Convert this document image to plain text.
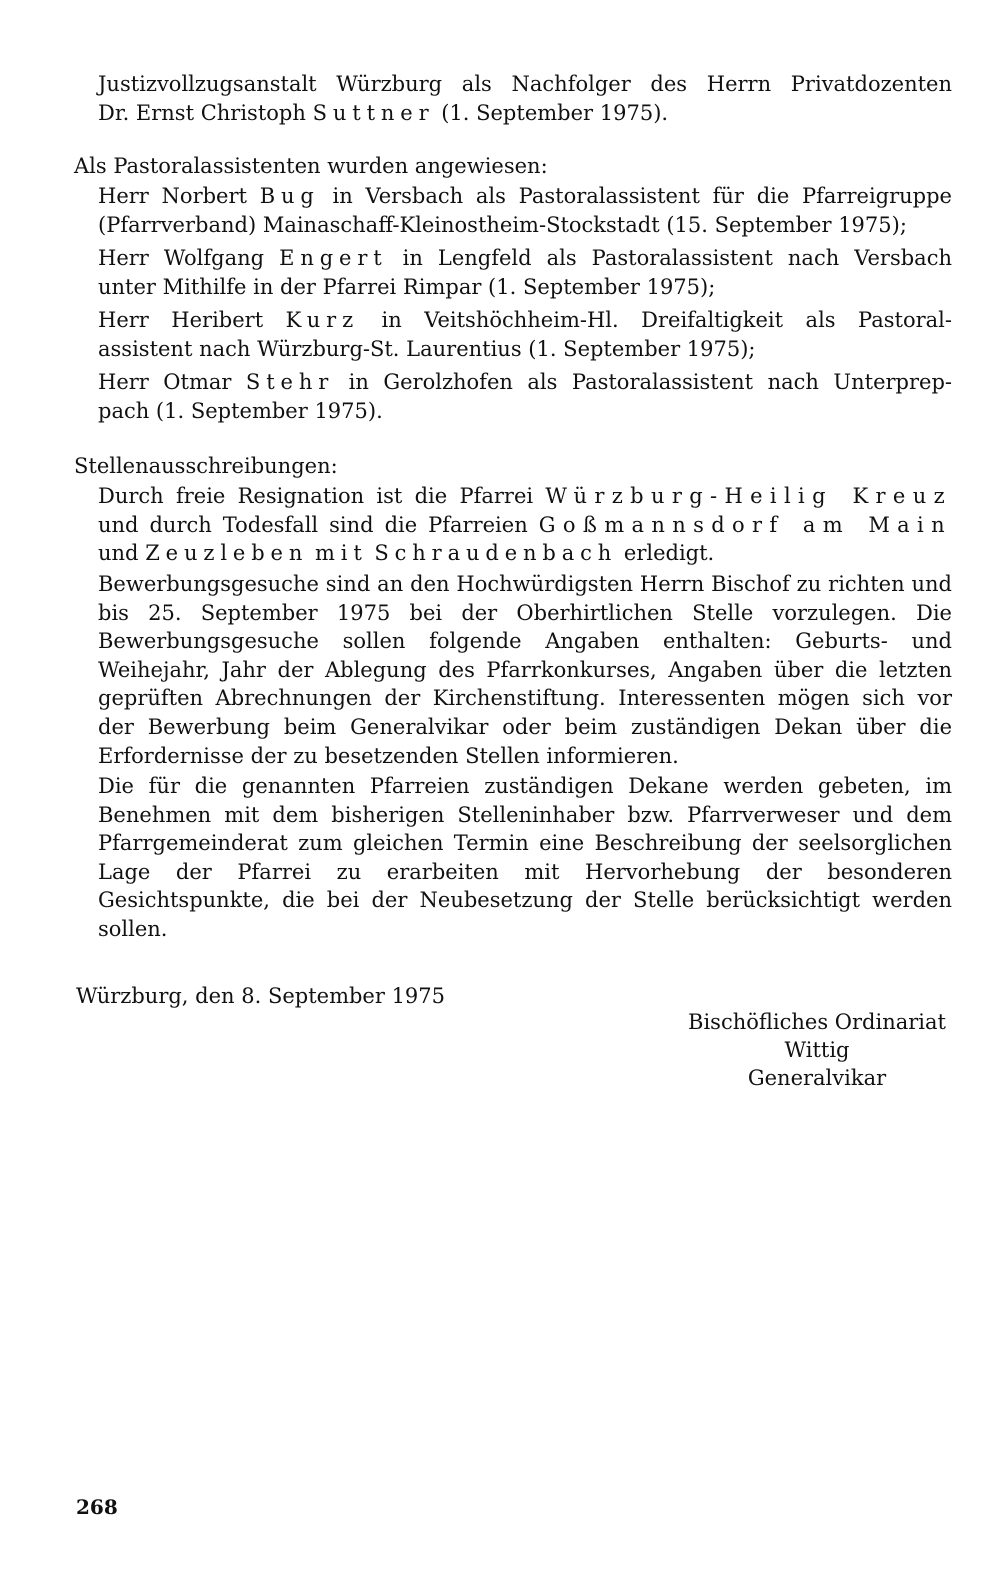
Justizvollzugsanstalt Würzburg als Nachfolger des Herrn Privatdozenten
Dr. Ernst Christoph Suttner (1. September 1975).
Als Pastoralassistenten wurden angewiesen:
Herr Norbert Bug in Versbach als Pastoralassistent für die Pfarreigruppe
(Pfarrverband) Mainaschaff-Kleinostheim-Stockstadt (15. September 1975);
Herr Wolfgang Engert in Lengfeld als Pastoralassistent nach Versbach
unter Mithilfe in der Pfarrei Rimpar (1. September 1975);
Herr Heribert Kurz in Veitshöchheim-Hl. Dreifaltigkeit als Pastoral-
assistent nach Würzburg-St. Laurentius (1. September 1975);
Herr Otmar Stehr in Gerolzhofen als Pastoralassistent nach Unterprep-
pach (1. September 1975).
Stellenausschreibungen:
Durch freie Resignation ist die Pfarrei Würzburg-Heilig Kreuz und durch Todesfall sind die Pfarreien Goßmannsdorf am Main und Zeuzleben mit Schraudenbach erledigt.
Bewerbungsgesuche sind an den Hochwürdigsten Herrn Bischof zu richten und bis 25. September 1975 bei der Oberhirtlichen Stelle vorzulegen. Die Bewerbungsgesuche sollen folgende Angaben enthalten: Geburts- und Weihejahr, Jahr der Ablegung des Pfarrkonkurses, Angaben über die letzten geprüften Abrechnungen der Kirchenstiftung. Interessenten mögen sich vor der Bewerbung beim Generalvikar oder beim zuständigen Dekan über die Erfordernisse der zu besetzenden Stellen informieren.
Die für die genannten Pfarreien zuständigen Dekane werden gebeten, im Benehmen mit dem bisherigen Stelleninhaber bzw. Pfarrverweser und dem Pfarrgemeinderat zum gleichen Termin eine Beschreibung der seelsorglichen Lage der Pfarrei zu erarbeiten mit Hervorhebung der besonderen Gesichtspunkte, die bei der Neubesetzung der Stelle berücksichtigt werden sollen.
Würzburg, den 8. September 1975
Bischöfliches Ordinariat
Wittig
Generalvikar
268
